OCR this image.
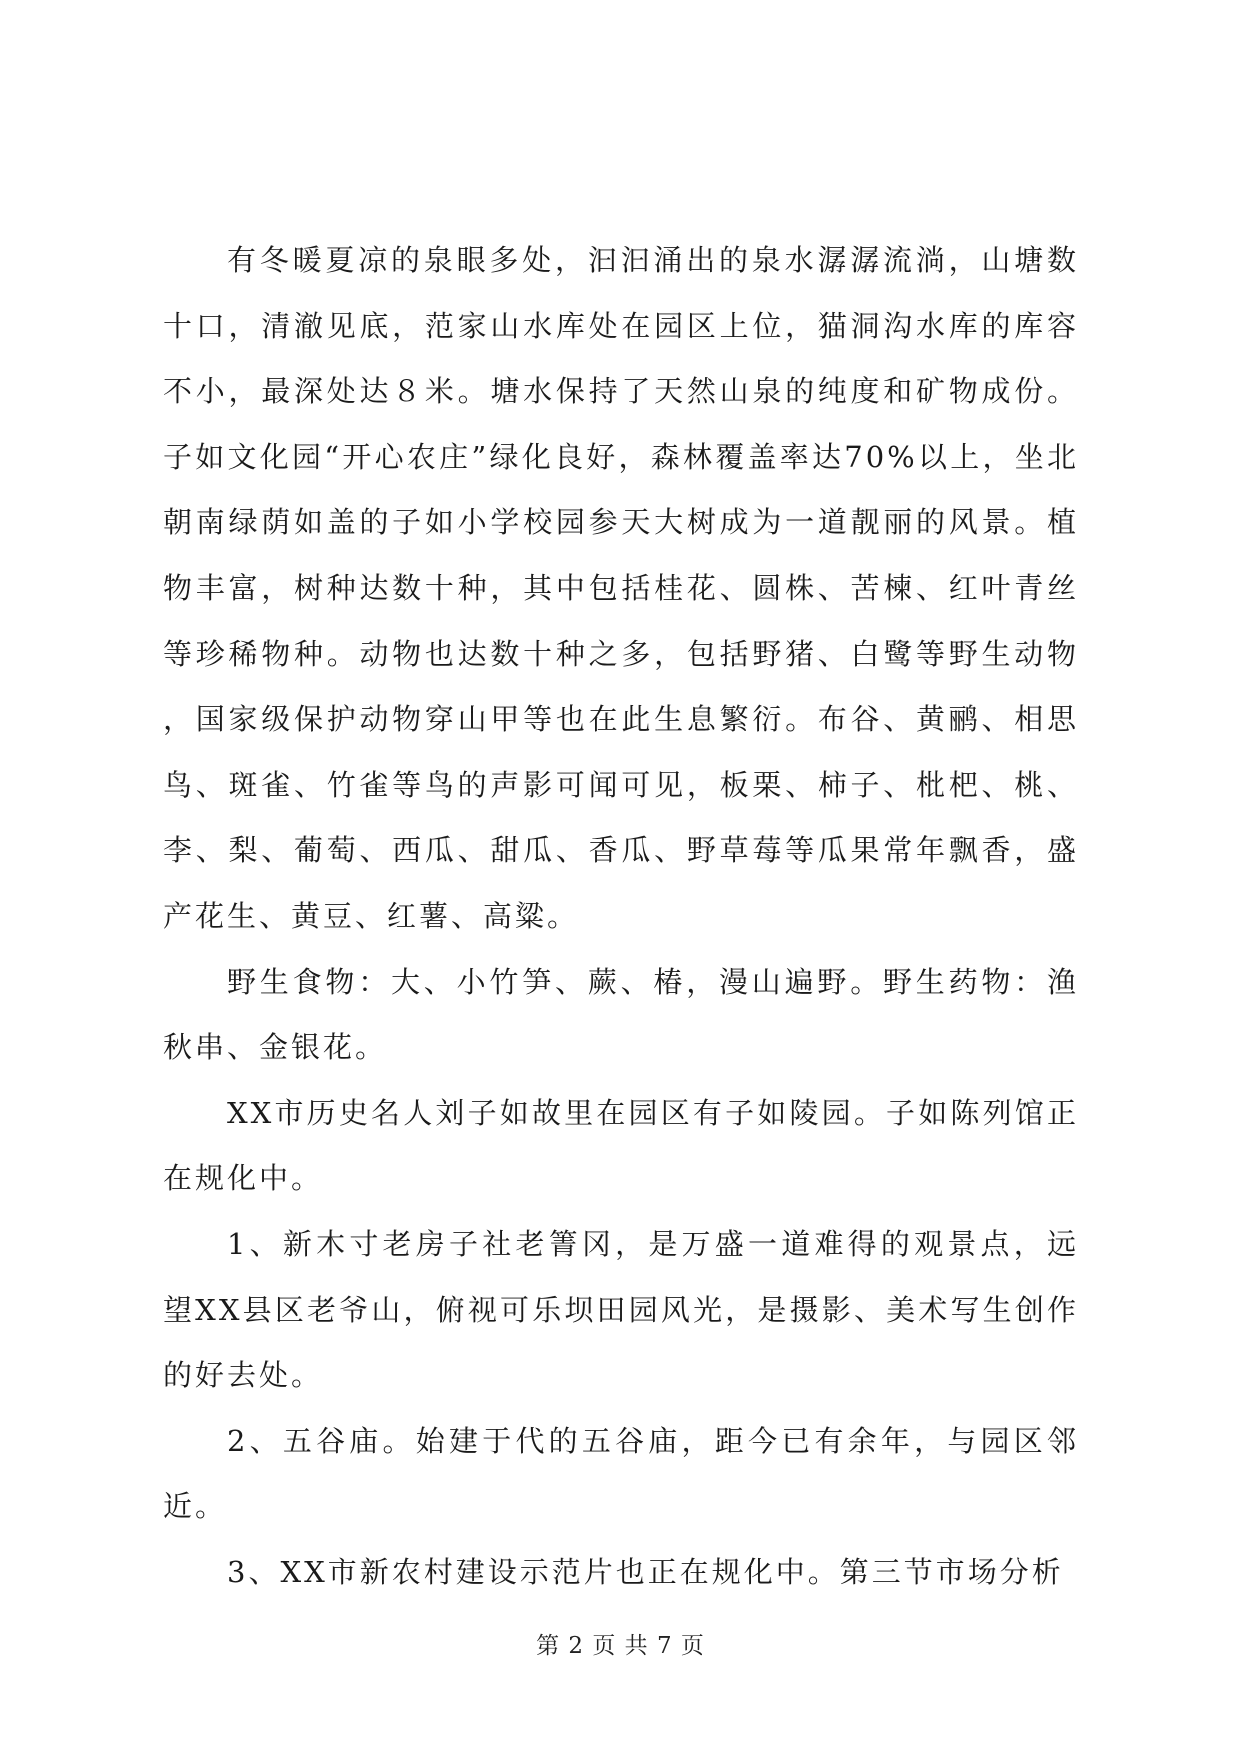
有冬暖夏凉的泉眼多处，汩汩涌出的泉水潺潺流淌，山塘数十口，清澈见底，范家山水库处在园区上位，猫洞沟水库的库容不小，最深处达８米。塘水保持了天然山泉的纯度和矿物成份。子如文化园“开心农庄”绿化良好，森林覆盖率达70%以上，坐北朝南绿荫如盖的子如小学校园参天大树成为一道靓丽的风景。植物丰富，树种达数十种，其中包括桂花、圆株、苦楝、红叶青丝等珍稀物种。动物也达数十种之多，包括野猪、白鹭等野生动物，国家级保护动物穿山甲等也在此生息繁衍。布谷、黄鹂、相思鸟、斑雀、竹雀等鸟的声影可闻可见，板栗、柿子、枇杷、桃、李、梨、葡萄、西瓜、甜瓜、香瓜、野草莓等瓜果常年飘香，盛产花生、黄豆、红薯、高粱。

野生食物：大、小竹笋、蕨、椿，漫山遍野。野生药物：渔秋串、金银花。

XX市历史名人刘子如故里在园区有子如陵园。子如陈列馆正在规化中。

1、新木寸老房子社老箐冈，是万盛一道难得的观景点，远望XX县区老爷山，俯视可乐坝田园风光，是摄影、美术写生创作的好去处。

2、五谷庙。始建于代的五谷庙，距今已有余年，与园区邻近。

3、XX市新农村建设示范片也正在规化中。第三节市场分析

第 2 页 共 7 页
